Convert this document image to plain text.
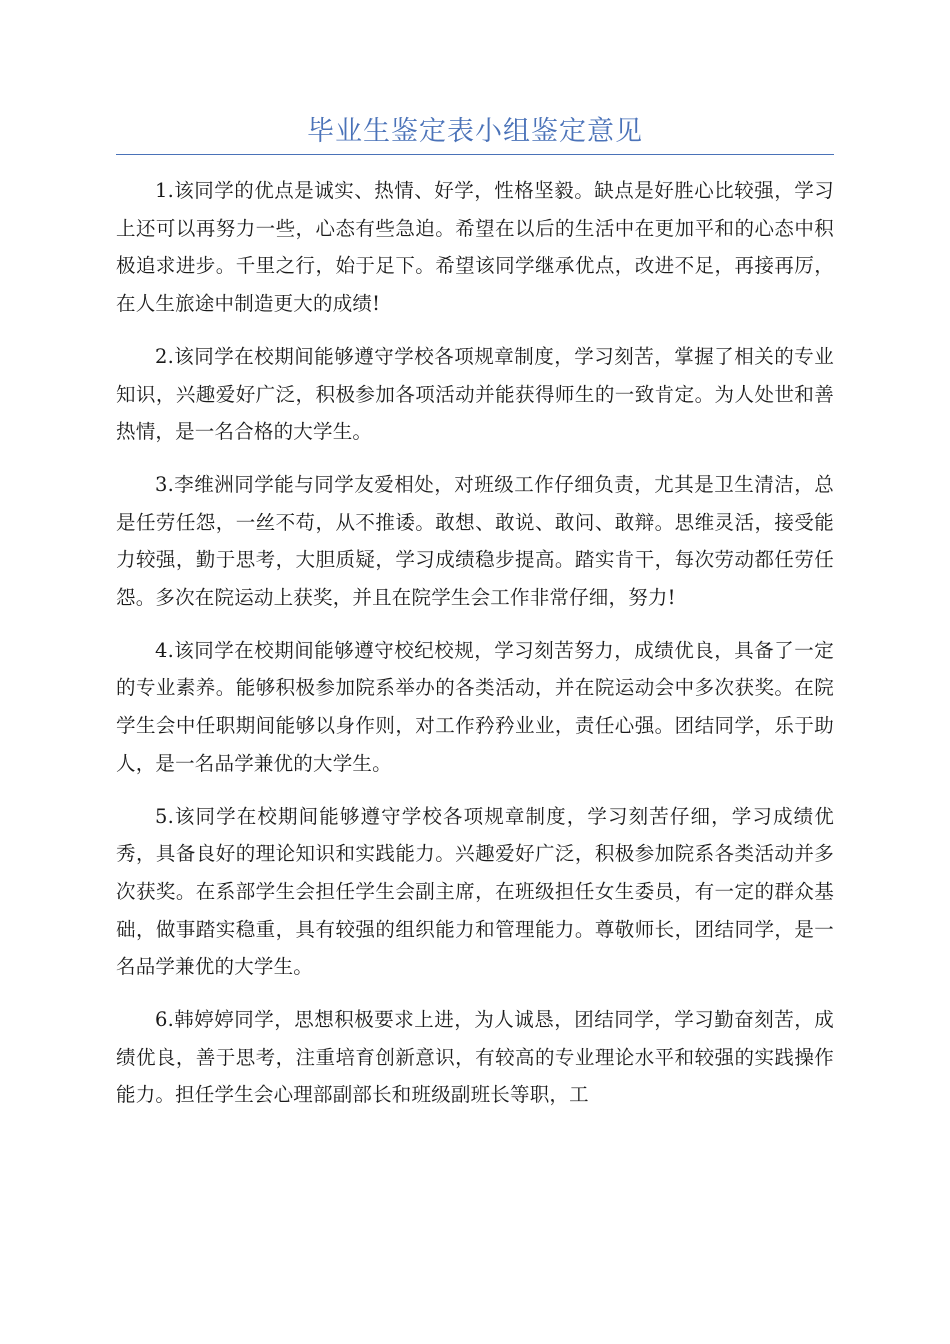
毕业生鉴定表小组鉴定意见

1.该同学的优点是诚实、热情、好学，性格坚毅。缺点是好胜心比较强，学习上还可以再努力一些，心态有些急迫。希望在以后的生活中在更加平和的心态中积极追求进步。千里之行，始于足下。希望该同学继承优点，改进不足，再接再厉，在人生旅途中制造更大的成绩!

2.该同学在校期间能够遵守学校各项规章制度，学习刻苦，掌握了相关的专业知识，兴趣爱好广泛，积极参加各项活动并能获得师生的一致肯定。为人处世和善热情，是一名合格的大学生。

3.李维洲同学能与同学友爱相处，对班级工作仔细负责，尤其是卫生清洁，总是任劳任怨，一丝不苟，从不推诿。敢想、敢说、敢问、敢辩。思维灵活，接受能力较强，勤于思考，大胆质疑，学习成绩稳步提高。踏实肯干，每次劳动都任劳任怨。多次在院运动上获奖，并且在院学生会工作非常仔细，努力!

4.该同学在校期间能够遵守校纪校规，学习刻苦努力，成绩优良，具备了一定的专业素养。能够积极参加院系举办的各类活动，并在院运动会中多次获奖。在院学生会中任职期间能够以身作则，对工作矜矜业业，责任心强。团结同学，乐于助人，是一名品学兼优的大学生。

5.该同学在校期间能够遵守学校各项规章制度，学习刻苦仔细，学习成绩优秀，具备良好的理论知识和实践能力。兴趣爱好广泛，积极参加院系各类活动并多次获奖。在系部学生会担任学生会副主席，在班级担任女生委员，有一定的群众基础，做事踏实稳重，具有较强的组织能力和管理能力。尊敬师长，团结同学，是一名品学兼优的大学生。

6.韩婷婷同学，思想积极要求上进，为人诚恳，团结同学，学习勤奋刻苦，成绩优良，善于思考，注重培育创新意识，有较高的专业理论水平和较强的实践操作能力。担任学生会心理部副部长和班级副班长等职，工
